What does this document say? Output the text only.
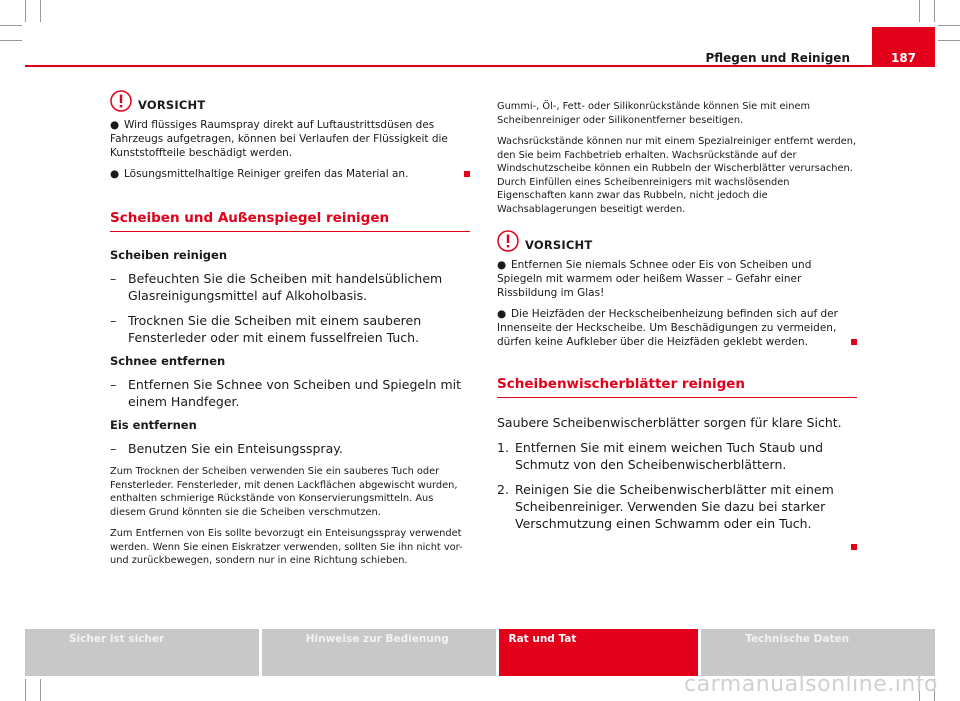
187
Pflegen und Reinigen
VORSICHT

● Wird flüssiges Raumspray direkt auf Luftaustrittsdüsen des Fahrzeugs aufgetragen, können bei Verlaufen der Flüssigkeit die Kunststoffteile beschädigt werden.

● Lösungsmittelhaltige Reiniger greifen das Material an.

Scheiben und Außenspiegel reinigen

Scheiben reinigen

– Befeuchten Sie die Scheiben mit handelsüblichem Glasreinigungsmittel auf Alkoholbasis.
– Trocknen Sie die Scheiben mit einem sauberen Fensterleder oder mit einem fusselfreien Tuch.

Schnee entfernen

– Entfernen Sie Schnee von Scheiben und Spiegeln mit einem Handfeger.

Eis entfernen

– Benutzen Sie ein Enteisungsspray.

Zum Trocknen der Scheiben verwenden Sie ein sauberes Tuch oder Fensterleder. Fensterleder, mit denen Lackflächen abgewischt wurden, enthalten schmierige Rückstände von Konservierungsmitteln. Aus diesem Grund könnten sie die Scheiben verschmutzen.

Zum Entfernen von Eis sollte bevorzugt ein Enteisungsspray verwendet werden. Wenn Sie einen Eiskratzer verwenden, sollten Sie ihn nicht vor- und zurückbewegen, sondern nur in eine Richtung schieben.

Gummi-, Öl-, Fett- oder Silikonrückstände können Sie mit einem Scheibenreiniger oder Silikonentferner beseitigen.

Wachsrückstände können nur mit einem Spezialreiniger entfernt werden, den Sie beim Fachbetrieb erhalten. Wachsrückstände auf der Windschutzscheibe können ein Rubbeln der Wischerblätter verursachen. Durch Einfüllen eines Scheibenreinigers mit wachslösenden Eigenschaften kann zwar das Rubbeln, nicht jedoch die Wachsablagerungen beseitigt werden.

VORSICHT

● Entfernen Sie niemals Schnee oder Eis von Scheiben und Spiegeln mit warmem oder heißem Wasser – Gefahr einer Rissbildung im Glas!

● Die Heizfäden der Heckscheibenheizung befinden sich auf der Innenseite der Heckscheibe. Um Beschädigungen zu vermeiden, dürfen keine Aufkleber über die Heizfäden geklebt werden.

Scheibenwischerblätter reinigen

Saubere Scheibenwischerblätter sorgen für klare Sicht.

1. Entfernen Sie mit einem weichen Tuch Staub und Schmutz von den Scheibenwischerblättern.
2. Reinigen Sie die Scheibenwischerblätter mit einem Scheibenreiniger. Verwenden Sie dazu bei starker Verschmutzung einen Schwamm oder ein Tuch.
Sicher ist sicher	Hinweise zur Bedienung	Rat und Tat	Technische Daten
carmanualsonline.info
